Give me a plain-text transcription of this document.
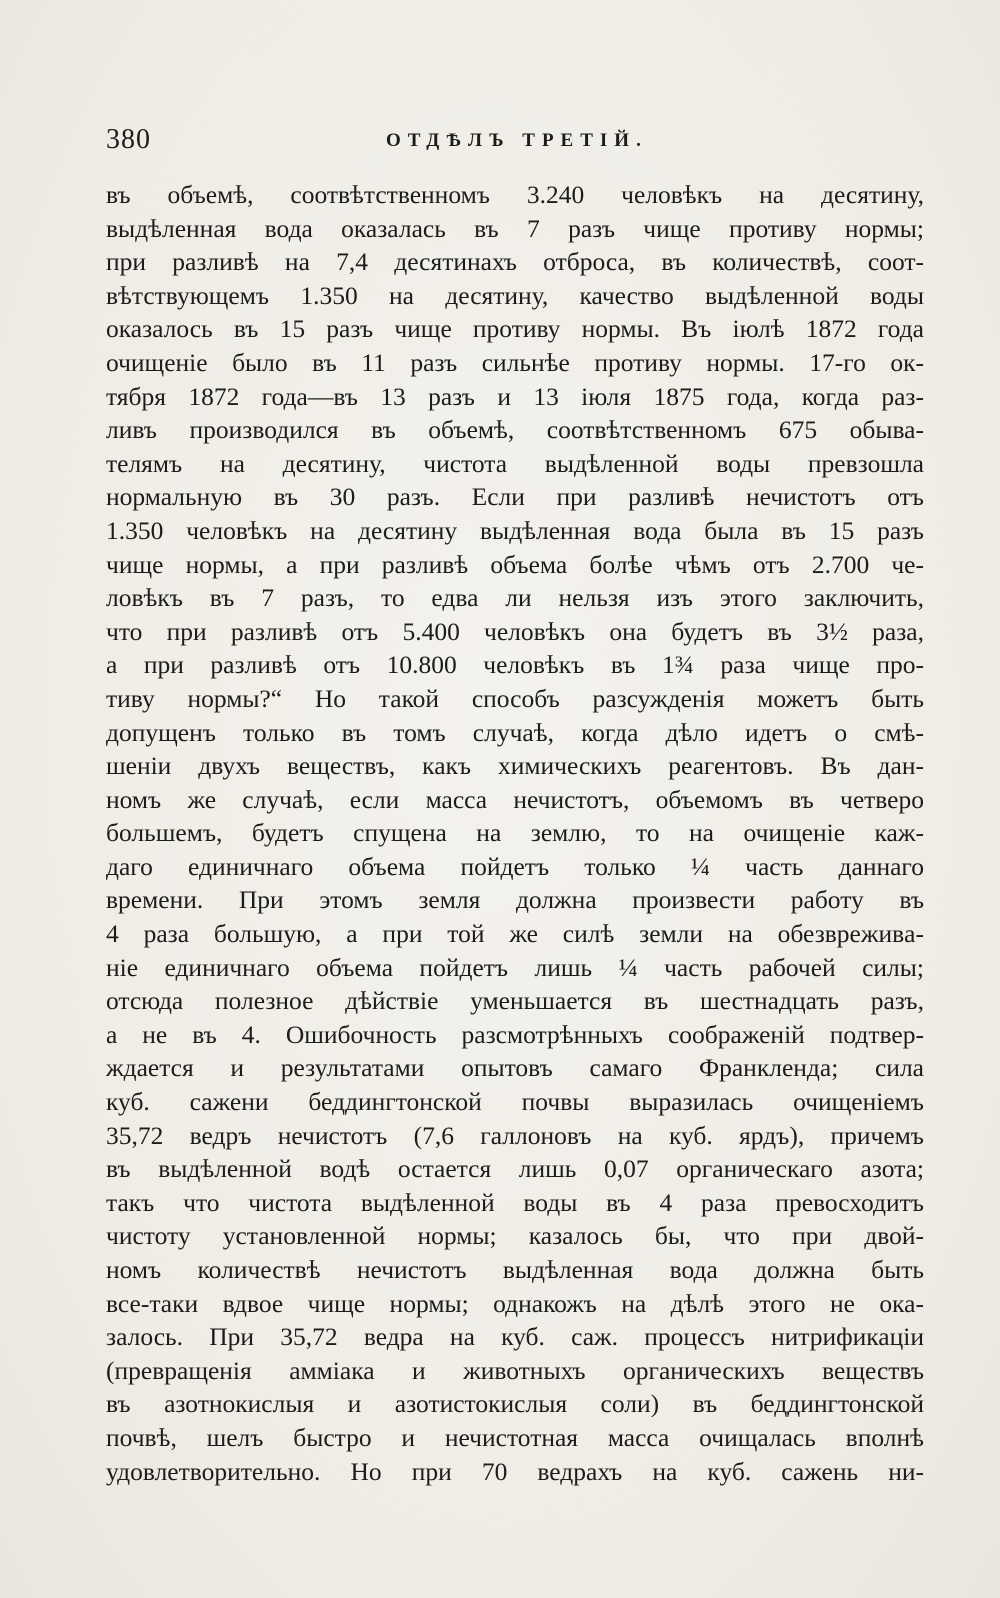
380	ОТДѢЛЪ ТРЕТІЙ.
въ объемѣ, соотвѣтственномъ 3.240 человѣкъ на десятину,
выдѣленная вода оказалась въ 7 разъ чище противу нормы;
при разливѣ на 7,4 десятинахъ отброса, въ количествѣ, соот-
вѣтствующемъ 1.350 на десятину, качество выдѣленной воды
оказалось въ 15 разъ чище противу нормы. Въ іюлѣ 1872 года
очищеніе было въ 11 разъ сильнѣе противу нормы. 17-го ок-
тября 1872 года—въ 13 разъ и 13 іюля 1875 года, когда раз-
ливъ производился въ объемѣ, соотвѣтственномъ 675 обыва-
телямъ на десятину, чистота выдѣленной воды превзошла
нормальную въ 30 разъ. Если при разливѣ нечистотъ отъ
1.350 человѣкъ на десятину выдѣленная вода была въ 15 разъ
чище нормы, а при разливѣ объема болѣе чѣмъ отъ 2.700 че-
ловѣкъ въ 7 разъ, то едва ли нельзя изъ этого заключить,
что при разливѣ отъ 5.400 человѣкъ она будетъ въ 3½ раза,
а при разливѣ отъ 10.800 человѣкъ въ 1¾ раза чище про-
тиву нормы?“ Но такой способъ разсужденія можетъ быть
допущенъ только въ томъ случаѣ, когда дѣло идетъ о смѣ-
шеніи двухъ веществъ, какъ химическихъ реагентовъ. Въ дан-
номъ же случаѣ, если масса нечистотъ, объемомъ въ четверо
большемъ, будетъ спущена на землю, то на очищеніе каж-
даго единичнаго объема пойдетъ только ¼ часть даннаго
времени. При этомъ земля должна произвести работу въ
4 раза большую, а при той же силѣ земли на обезвреживa-
ніе единичнаго объема пойдетъ лишь ¼ часть рабочей силы;
отсюда полезное дѣйствіе уменьшается въ шестнадцать разъ,
а не въ 4. Ошибочность разсмотрѣнныхъ соображеній подтвер-
ждается и результатами опытовъ самаго Франкленда; сила
куб. сажени беддингтонской почвы выразилась очищеніемъ
35,72 ведръ нечистотъ (7,6 галлоновъ на куб. ярдъ), причемъ
въ выдѣленной водѣ остается лишь 0,07 органическаго азота;
такъ что чистота выдѣленной воды въ 4 раза превосходитъ
чистоту установленной нормы; казалось бы, что при двой-
номъ количествѣ нечистотъ выдѣленная вода должна быть
все-таки вдвое чище нормы; однакожъ на дѣлѣ этого не ока-
залось. При 35,72 ведра на куб. саж. процессъ нитрификаціи
(превращенія амміака и животныхъ органическихъ веществъ
въ азотнокислыя и азотистокислыя соли) въ беддингтонской
почвѣ, шелъ быстро и нечистотная масса очищалась вполнѣ
удовлетворительно. Но при 70 ведрахъ на куб. сажень ни-
